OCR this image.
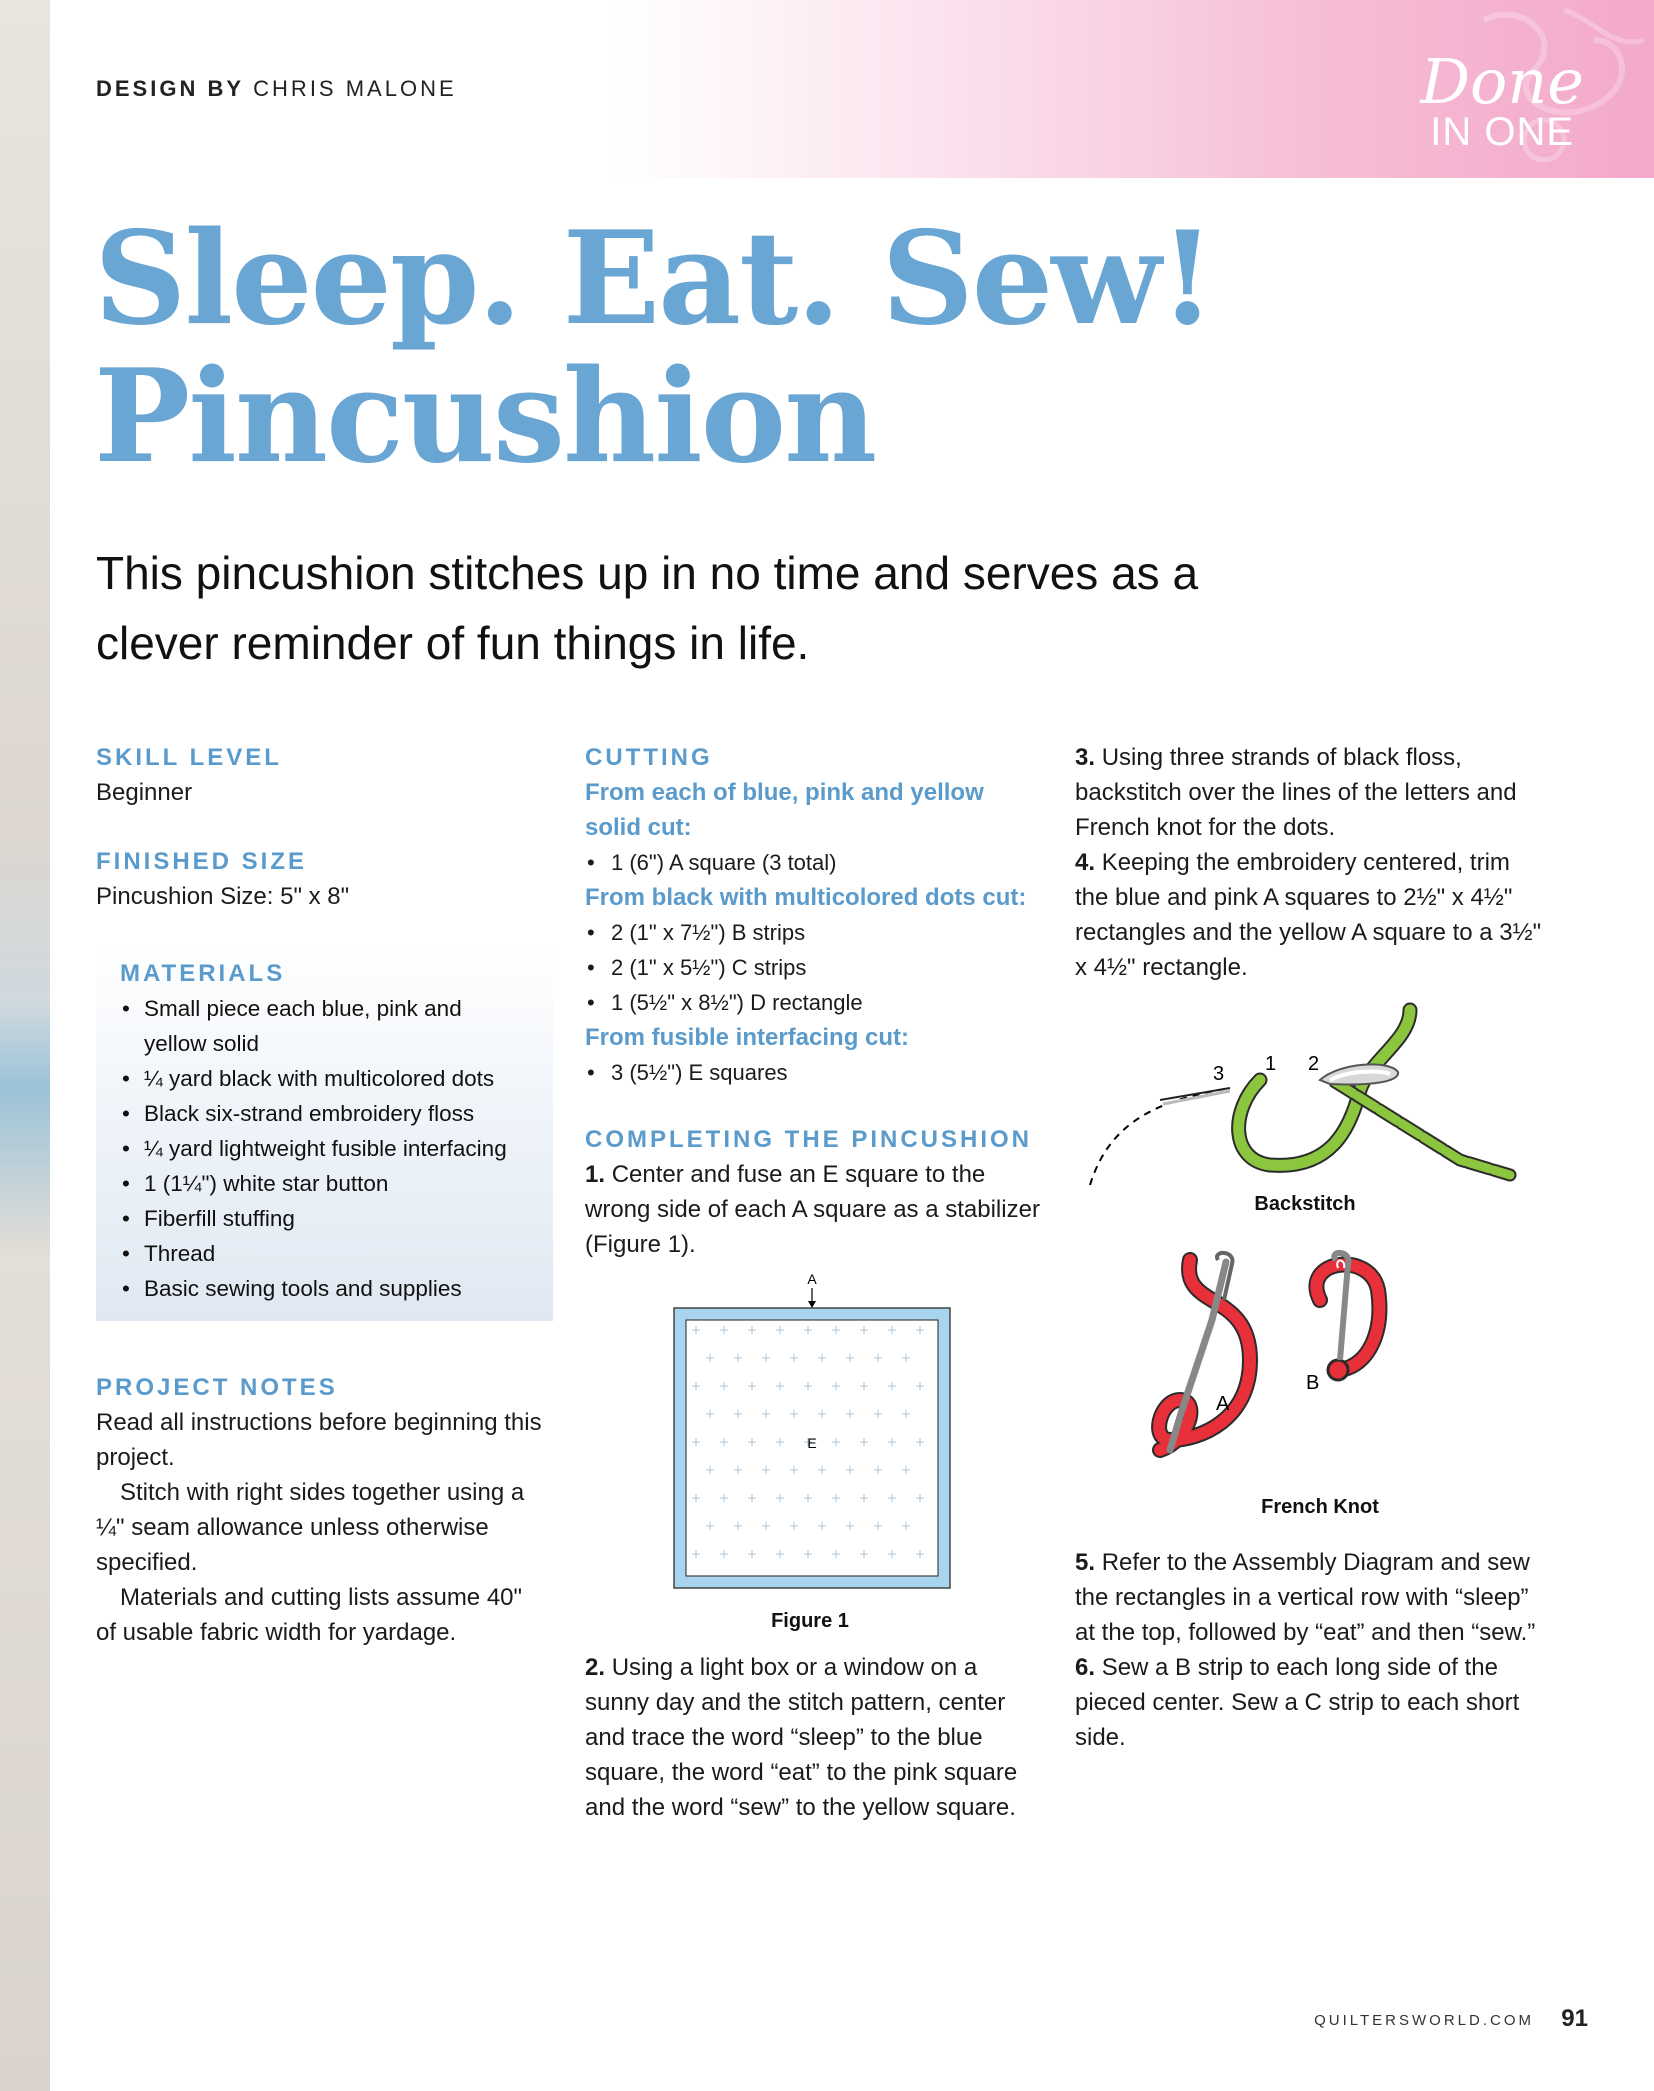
DESIGN BY CHRIS MALONE	Done
IN ONE
Sleep. Eat. Sew!
Pincushion
This pincushion stitches up in no time and serves as a clever reminder of fun things in life.
SKILL LEVEL
Beginner
FINISHED SIZE
Pincushion Size: 5" x 8"
MATERIALS
• Small piece each blue, pink and
yellow solid
• ¼ yard black with multicolored dots
• Black six-strand embroidery floss
• ¼ yard lightweight fusible interfacing
• 1 (1¼") white star button
• Fiberfill stuffing
• Thread
• Basic sewing tools and supplies
PROJECT NOTES

Read all instructions before beginning this project.

Stitch with right sides together using a ¼" seam allowance unless otherwise specified.

Materials and cutting lists assume 40" of usable fabric width for yardage.

CUTTING
From each of blue, pink and yellow solid cut:
• 1 (6") A square (3 total)
From black with multicolored dots cut:
• 2 (1" x 7½") B strips
• 2 (1" x 5½") C strips
• 1 (5½" x 8½") D rectangle
From fusible interfacing cut:
• 3 (5½") E squares
COMPLETING THE PINCUSHION

1. Center and fuse an E square to the wrong side of each A square as a stabilizer (Figure 1).

A
E
Figure 1

2. Using a light box or a window on a sunny day and the stitch pattern, center and trace the word “sleep” to the blue square, the word “eat” to the pink square and the word “sew” to the yellow square.

3. Using three strands of black floss, backstitch over the lines of the letters and French knot for the dots.

4. Keeping the embroidery centered, trim the blue and pink A squares to 2½" x 4½" rectangles and the yellow A square to a 3½" x 4½" rectangle.

3 1 2
Backstitch
A
B
French Knot

5. Refer to the Assembly Diagram and sew the rectangles in a vertical row with “sleep” at the top, followed by “eat” and then “sew.”

6. Sew a B strip to each long side of the pieced center. Sew a C strip to each short side.

QUILTERSWORLD.COM 91
